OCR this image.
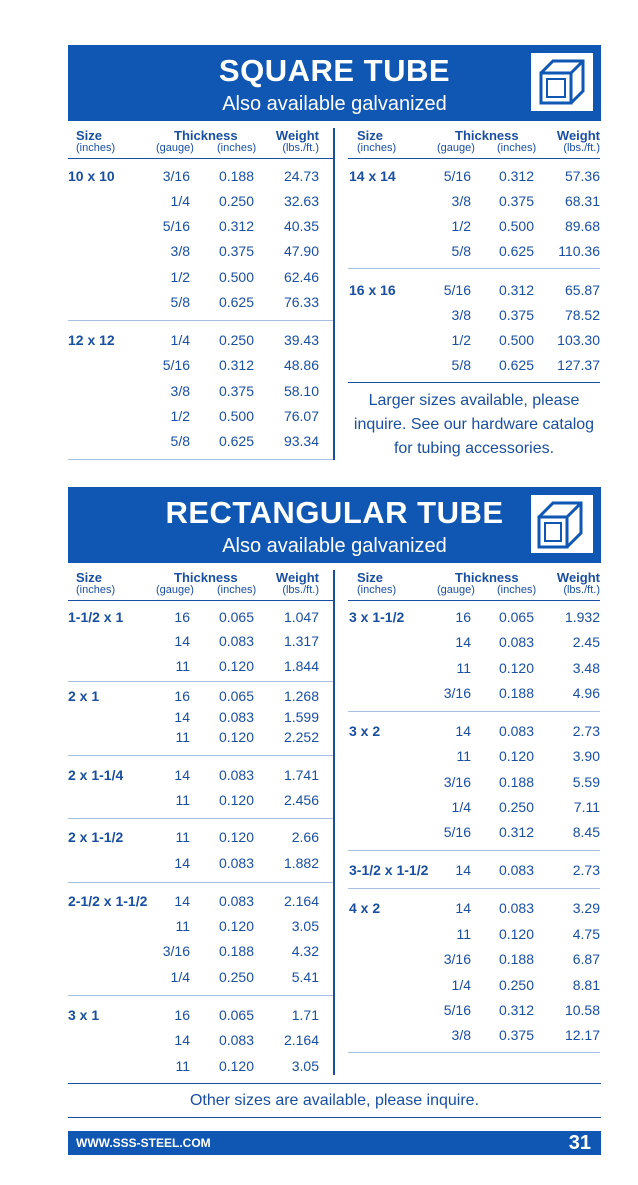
SQUARE TUBE
Also available galvanized
Size
(inches)
Thickness
(gauge) (inches)
Weight
(lbs./ft.)
Size
(inches)
Thickness
(gauge) (inches)
Weight
(lbs./ft.)
10 x 10	3/16	0.188	24.73
1/4	0.250	32.63
5/16	0.312	40.35
3/8	0.375	47.90
1/2	0.500	62.46
5/8	0.625	76.33
12 x 12	1/4	0.250	39.43
5/16	0.312	48.86
3/8	0.375	58.10
1/2	0.500	76.07
5/8	0.625	93.34
14 x 14	5/16	0.312	57.36
3/8	0.375	68.31
1/2	0.500	89.68
5/8	0.625	110.36
16 x 16	5/16	0.312	65.87
3/8	0.375	78.52
1/2	0.500	103.30
5/8	0.625	127.37
RECTANGULAR TUBE
Also available galvanized
Size
(inches)
Thickness
(gauge) (inches)
Weight
(lbs./ft.)
Size
(inches)
Thickness
(gauge) (inches)
Weight
(lbs./ft.)
1-1/2 x 1	16	0.065	1.047
14	0.083	1.317
11	0.120	1.844
2 x 1	16	0.065	1.268
14	0.083	1.599
11	0.120	2.252
2 x 1-1/4	14	0.083	1.741
11	0.120	2.456
2 x 1-1/2	11	0.120	2.66
14	0.083	1.882
2-1/2 x 1-1/2	14	0.083	2.164
11	0.120	3.05
3/16	0.188	4.32
1/4	0.250	5.41
3 x 1	16	0.065	1.71
14	0.083	2.164
11	0.120	3.05
3 x 1-1/2	16	0.065	1.932
14	0.083	2.45
11	0.120	3.48
3/16	0.188	4.96
3 x 2	14	0.083	2.73
11	0.120	3.90
3/16	0.188	5.59
1/4	0.250	7.11
5/16	0.312	8.45
3-1/2 x 1-1/2	14	0.083	2.73
4 x 2	14	0.083	3.29
11	0.120	4.75
3/16	0.188	6.87
1/4	0.250	8.81
5/16	0.312	10.58
3/8	0.375	12.17
Larger sizes available, please
inquire. See our hardware catalog
for tubing accessories.
Other sizes are available, please inquire.
WWW.SSS-STEEL.COM	31
